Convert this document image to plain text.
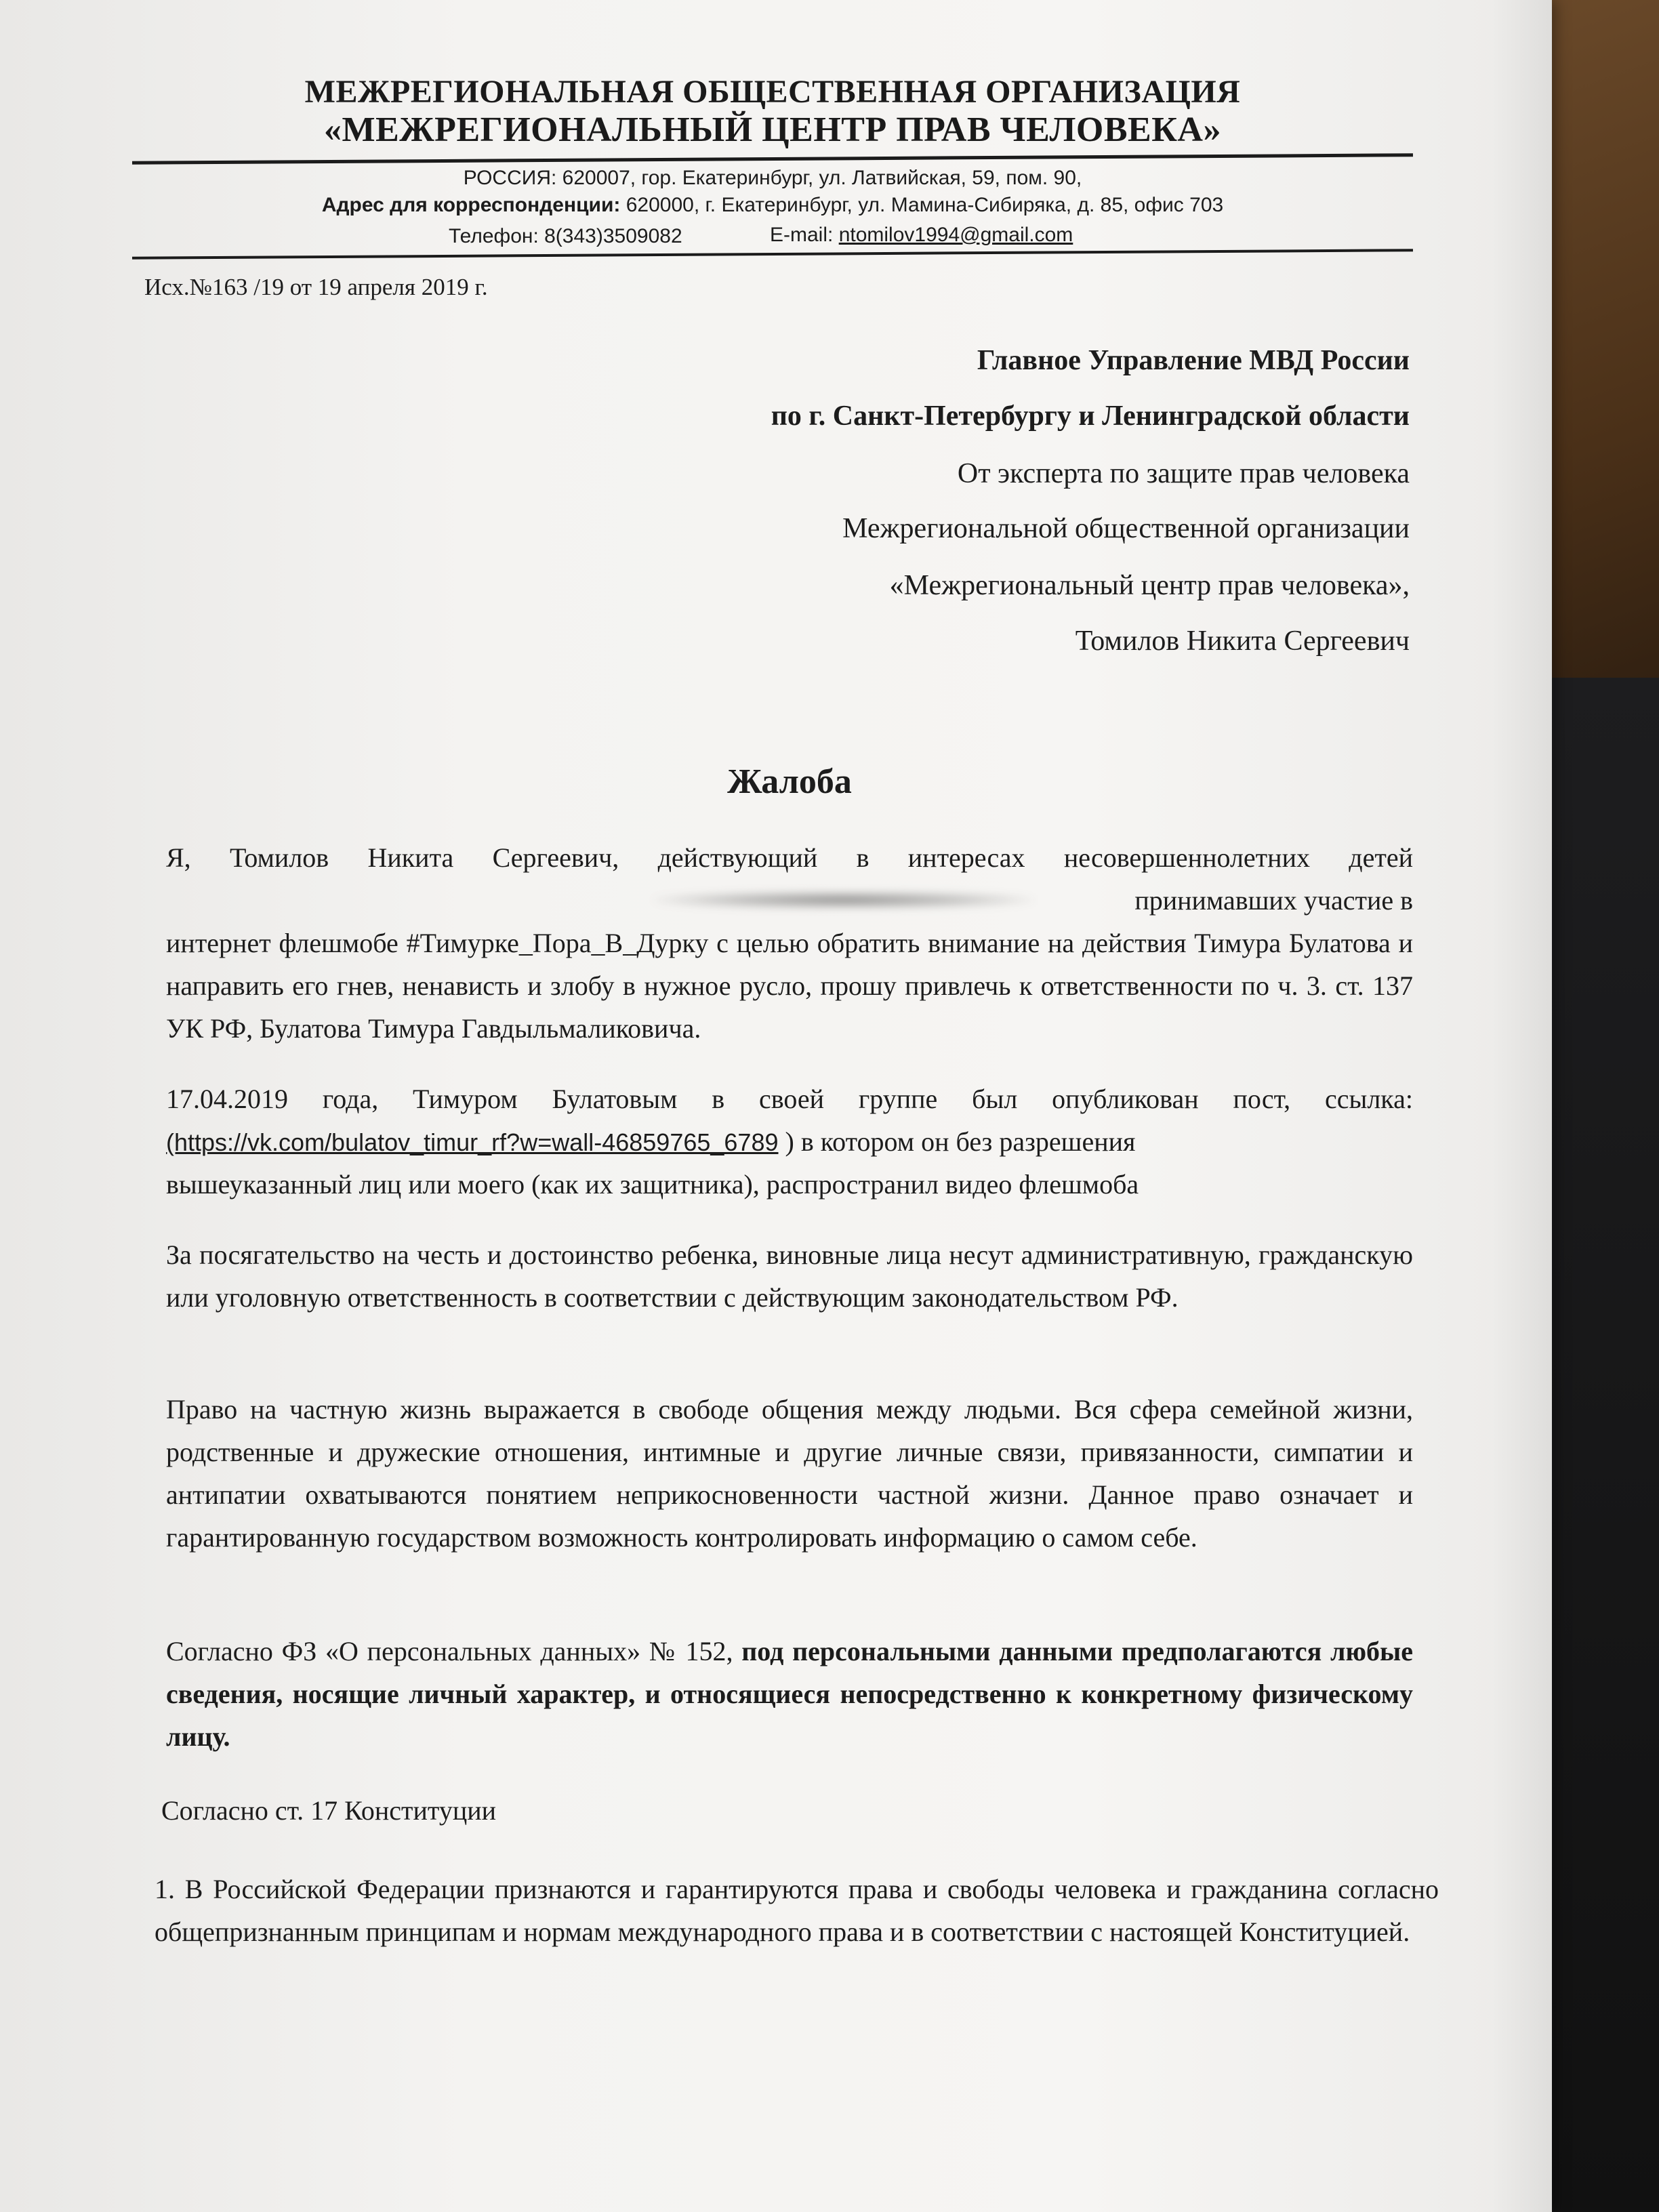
МЕЖРЕГИОНАЛЬНАЯ ОБЩЕСТВЕННАЯ ОРГАНИЗАЦИЯ
«МЕЖРЕГИОНАЛЬНЫЙ ЦЕНТР ПРАВ ЧЕЛОВЕКА»
РОССИЯ: 620007, гор. Екатеринбург, ул. Латвийская, 59, пом. 90,
Адрес для корреспонденции: 620000, г. Екатеринбург, ул. Мамина-Сибиряка, д. 85, офис 703
Телефон: 8(343)3509082	E-mail: ntomilov1994@gmail.com
Исх.№163 /19 от 19 апреля 2019 г.
Главное Управление МВД России
по г. Санкт-Петербургу и Ленинградской области
От эксперта по защите прав человека
Межрегиональной общественной организации
«Межрегиональный центр прав человека»,
Томилов Никита Сергеевич
Жалоба
Я, Томилов Никита Сергеевич, действующий в интересах несовершеннолетних детей
принимавших участие в
интернет флешмобе #Тимурке_Пора_В_Дурку с целью обратить внимание на действия Тимура Булатова и направить его гнев, ненависть и злобу в нужное русло, прошу привлечь к ответственности по ч. 3. ст. 137 УК РФ, Булатова Тимура Гавдыльмаликовича.
17.04.2019 года, Тимуром Булатовым в своей группе был опубликован пост, ссылка:
(https://vk.com/bulatov_timur_rf?w=wall-46859765_6789 ) в котором он без разрешения
вышеуказанный лиц или моего (как их защитника), распространил видео флешмоба
За посягательство на честь и достоинство ребенка, виновные лица несут административную, гражданскую или уголовную ответственность в соответствии с действующим законодательством РФ.
Право на частную жизнь выражается в свободе общения между людьми. Вся сфера семейной жизни, родственные и дружеские отношения, интимные и другие личные связи, привязанности, симпатии и антипатии охватываются понятием неприкосновенности частной жизни. Данное право означает и гарантированную государством возможность контролировать информацию о самом себе.
Согласно ФЗ «О персональных данных» № 152, под персональными данными предполагаются любые сведения, носящие личный характер, и относящиеся непосредственно к конкретному физическому лицу.
Согласно ст. 17 Конституции
1. В Российской Федерации признаются и гарантируются права и свободы человека и гражданина согласно общепризнанным принципам и нормам международного права и в соответствии с настоящей Конституцией.
